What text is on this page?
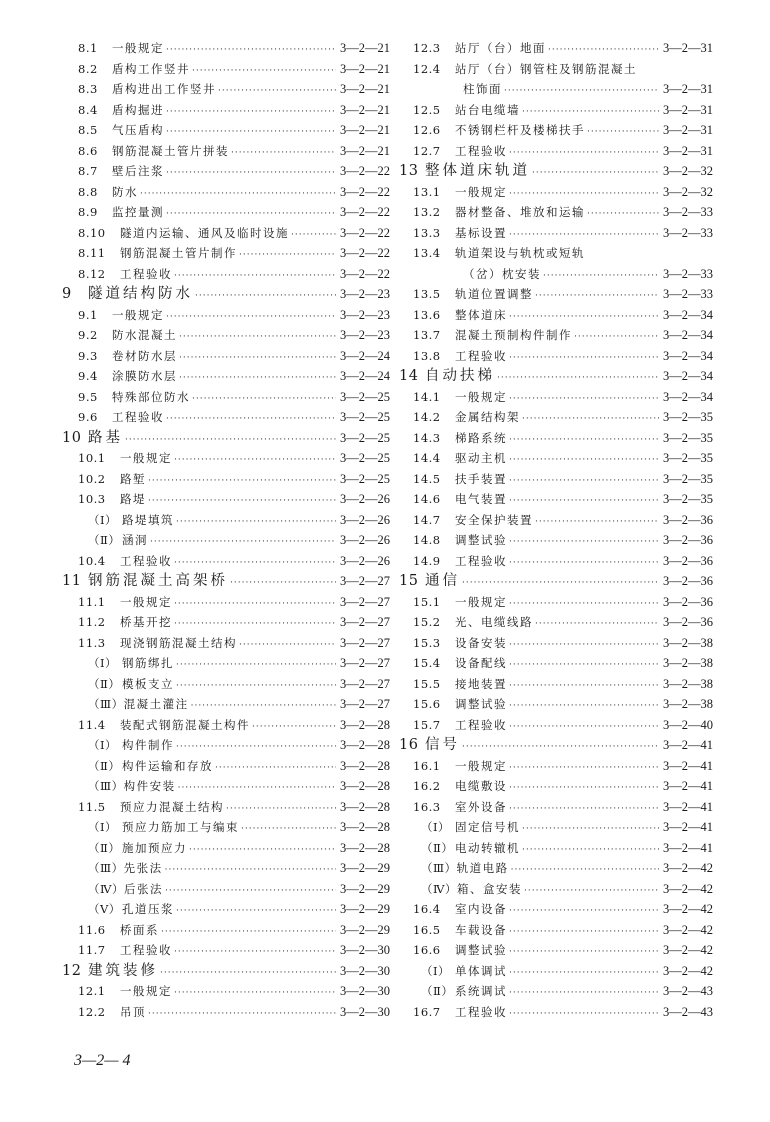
8.1	一般规定 ·····	3—2—21
8.2	盾构工作竖井 ·····	3—2—21
8.3	盾构进出工作竖井 ·····	3—2—21
8.4	盾构掘进 ·····	3—2—21
8.5	气压盾构 ·····	3—2—21
8.6	钢筋混凝土管片拼装 ·····	3—2—21
8.7	壁后注浆 ·····	3—2—22
8.8	防水 ·····	3—2—22
8.9	监控量测 ·····	3—2—22
8.10	隧道内运输、通风及临时设施 ·····	3—2—22
8.11	钢筋混凝土管片制作 ·····	3—2—22
8.12	工程验收 ·····	3—2—22
9	隧道结构防水 ·····	3—2—23
9.1	一般规定 ·····	3—2—23
9.2	防水混凝土 ·····	3—2—23
9.3	卷材防水层 ·····	3—2—24
9.4	涂膜防水层 ·····	3—2—24
9.5	特殊部位防水 ·····	3—2—25
9.6	工程验收 ·····	3—2—25
10 路基 ·····	3—2—25
10.1	一般规定 ·····	3—2—25
10.2	路堑 ·····	3—2—25
10.3	路堤 ·····	3—2—26
（Ⅰ） 路堤填筑 ·····	3—2—26
（Ⅱ） 涵洞 ·····	3—2—26
10.4	工程验收 ·····	3—2—26
11 钢筋混凝土高架桥 ·····	3—2—27
11.1	一般规定 ·····	3—2—27
11.2	桥基开挖 ·····	3—2—27
11.3	现浇钢筋混凝土结构 ·····	3—2—27
（Ⅰ） 钢筋绑扎 ·····	3—2—27
（Ⅱ） 模板支立 ·····	3—2—27
（Ⅲ） 混凝土灌注 ·····	3—2—27
11.4	装配式钢筋混凝土构件 ·····	3—2—28
（Ⅰ） 构件制作 ·····	3—2—28
（Ⅱ） 构件运输和存放 ·····	3—2—28
（Ⅲ） 构件安装 ·····	3—2—28
11.5	预应力混凝土结构 ·····	3—2—28
（Ⅰ） 预应力筋加工与编束 ·····	3—2—28
（Ⅱ） 施加预应力 ·····	3—2—28
（Ⅲ） 先张法 ·····	3—2—29
（Ⅳ） 后张法 ·····	3—2—29
（Ⅴ） 孔道压浆 ·····	3—2—29
11.6	桥面系 ·····	3—2—29
11.7	工程验收 ·····	3—2—30
12 建筑装修 ·····	3—2—30
12.1	一般规定 ·····	3—2—30
12.2	吊顶 ·····	3—2—30
12.3	站厅（台）地面 ·····	3—2—31
12.4	站厅（台）钢管柱及钢筋混凝土
柱饰面 ·····	3—2—31
12.5	站台电缆墙 ·····	3—2—31
12.6	不锈钢栏杆及楼梯扶手 ·····	3—2—31
12.7	工程验收 ·····	3—2—31
13 整体道床轨道 ·····	3—2—32
13.1	一般规定 ·····	3—2—32
13.2	器材整备、堆放和运输 ·····	3—2—33
13.3	基标设置 ·····	3—2—33
13.4	轨道架设与轨枕或短轨
（岔）枕安装 ·····	3—2—33
13.5	轨道位置调整 ·····	3—2—33
13.6	整体道床 ·····	3—2—34
13.7	混凝土预制构件制作 ·····	3—2—34
13.8	工程验收 ·····	3—2—34
14 自动扶梯 ·····	3—2—34
14.1	一般规定 ·····	3—2—34
14.2	金属结构架 ·····	3—2—35
14.3	梯路系统 ·····	3—2—35
14.4	驱动主机 ·····	3—2—35
14.5	扶手装置 ·····	3—2—35
14.6	电气装置 ·····	3—2—35
14.7	安全保护装置 ·····	3—2—36
14.8	调整试验 ·····	3—2—36
14.9	工程验收 ·····	3—2—36
15 通信 ·····	3—2—36
15.1	一般规定 ·····	3—2—36
15.2	光、电缆线路 ·····	3—2—36
15.3	设备安装 ·····	3—2—38
15.4	设备配线 ·····	3—2—38
15.5	接地装置 ·····	3—2—38
15.6	调整试验 ·····	3—2—38
15.7	工程验收 ·····	3—2—40
16 信号 ·····	3—2—41
16.1	一般规定 ·····	3—2—41
16.2	电缆敷设 ·····	3—2—41
16.3	室外设备 ·····	3—2—41
（Ⅰ） 固定信号机 ·····	3—2—41
（Ⅱ） 电动转辙机 ·····	3—2—41
（Ⅲ） 轨道电路 ·····	3—2—42
（Ⅳ） 箱、盒安装 ·····	3—2—42
16.4	室内设备 ·····	3—2—42
16.5	车载设备 ·····	3—2—42
16.6	调整试验 ·····	3—2—42
（Ⅰ） 单体调试 ·····	3—2—42
（Ⅱ） 系统调试 ·····	3—2—43
16.7	工程验收 ·····	3—2—43
3—2— 4
